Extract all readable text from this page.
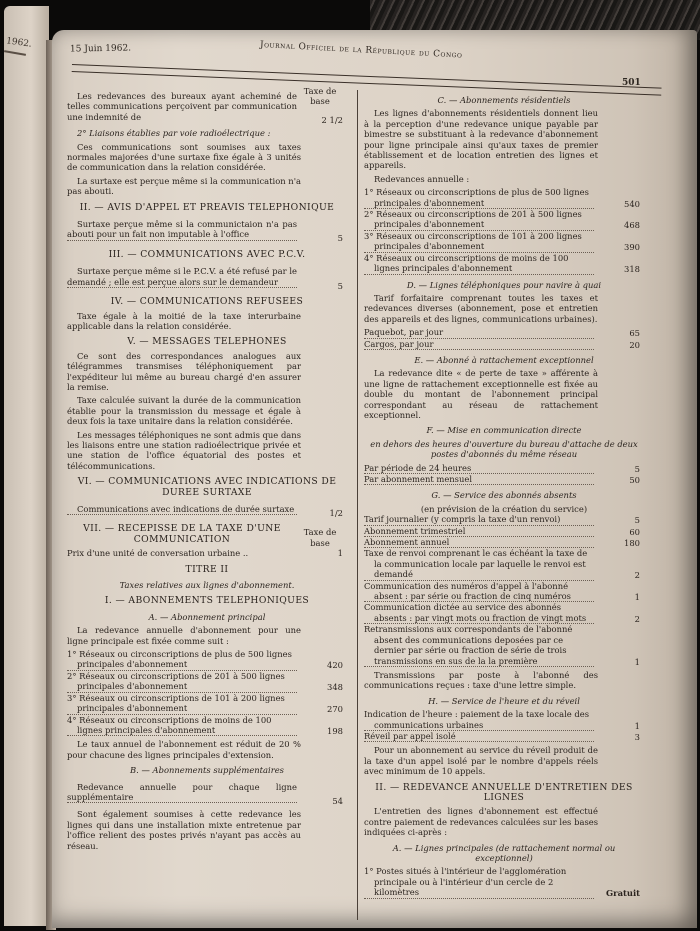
1962.	15 Juin 1962.	Journal Officiel de la République du Congo
501
Les redevances des bureaux ayant acheminé de telles communications perçoivent par communication une indemnité de
Taxe de base
2 1/2
2° Liaisons établies par voie radioélectrique :
Ces communications sont soumises aux taxes normales majorées d'une surtaxe fixe égale à 3 unités de communication dans la relation considérée.
La surtaxe est perçue même si la communication n'a pas abouti.
II. — AVIS D'APPEL ET PREAVIS TELEPHONIQUE
Surtaxe perçue même si la communictaion n'a pas abouti pour un fait non imputable à l'office	5
III. — COMMUNICATIONS AVEC P.C.V.
Surtaxe perçue même si le P.C.V. a été refusé par le demandé ; elle est perçue alors sur le demandeur	5
IV. — COMMUNICATIONS REFUSEES
Taxe égale à la moitié de la taxe interurbaine applicable dans la relation considérée.
V. — MESSAGES TELEPHONES
Ce sont des correspondances analogues aux télégrammes transmises téléphoniquement par l'expéditeur lui même au bureau chargé d'en assurer la remise.
Taxe calculée suivant la durée de la communication établie pour la transmission du message et égale à deux fois la taxe unitaire dans la relation considérée.
Les messages téléphoniques ne sont admis que dans les liaisons entre une station radioélectrique privée et une station de l'office équatorial des postes et télécommunications.
VI. — COMMUNICATIONS AVEC INDICATIONS DE DUREE SURTAXE
Communications avec indications de durée surtaxe	1/2
VII. — RECEPISSE DE LA TAXE D'UNE COMMUNICATION
Taxe de base
Prix d'une unité de conversation urbaine ..	1
TITRE II
Taxes relatives aux lignes d'abonnement.
I. — ABONNEMENTS TELEPHONIQUES
A. — Abonnement principal
La redevance annuelle d'abonnement pour une ligne principale est fixée comme suit :
1° Réseaux ou circonscriptions de plus de 500 lignes principales d'abonnement	420
2° Réseaux ou circonscriptions de 201 à 500 lignes principales d'abonnement	348
3° Réseaux ou circonscriptions de 101 à 200 lignes principales d'abonnement	270
4° Réseaux ou circonscriptions de moins de 100 lignes principales d'abonnement	198
Le taux annuel de l'abonnement est réduit de 20 % pour chacune des lignes principales d'extension.
B. — Abonnements supplémentaires
Redevance annuelle pour chaque ligne supplémentaire	54
Sont également soumises à cette redevance les lignes qui dans une installation mixte entretenue par l'office relient des postes privés n'ayant pas accès au réseau.
C. — Abonnements résidentiels
Les lignes d'abonnements résidentiels donnent lieu à la perception d'une redevance unique payable par bimestre se substituant à la redevance d'abonnement pour ligne principale ainsi qu'aux taxes de premier établissement et de location entretien des lignes et appareils.
Redevances annuelle :
1° Réseaux ou circonscriptions de plus de 500 lignes principales d'abonnement	540
2° Réseaux ou circonscriptions de 201 à 500 lignes principales d'abonnement	468
3° Réseaux ou circonscriptions de 101 à 200 lignes principales d'abonnement	390
4° Réseaux ou circonscriptions de moins de 100 lignes principales d'abonnement	318
D. — Lignes téléphoniques pour navire à quai
Tarif forfaitaire comprenant toutes les taxes et redevances diverses (abonnement, pose et entretien des appareils et des lignes, communications urbaines).
Paquebot, par jour	65
Cargos, par jour	20
E. — Abonné à rattachement exceptionnel
La redevance dite « de perte de taxe » afférente à une ligne de rattachement exceptionnelle est fixée au double du montant de l'abonnement principal correspondant au réseau de rattachement exceptionnel.
F. — Mise en communication directe
en dehors des heures d'ouverture du bureau d'attache de deux postes d'abonnés du même réseau
Par période de 24 heures	5
Par abonnement mensuel	50
G. — Service des abonnés absents
(en prévision de la création du service)
Tarif journalier (y compris la taxe d'un renvoi)	5
Abonnement trimestriel	60
Abonnement annuel	180
Taxe de renvoi comprenant le cas échéant la taxe de la communication locale par laquelle le renvoi est demandé	2
Communication des numéros d'appel à l'abonné absent : par série ou fraction de cinq numéros	1
Communication dictée au service des abonnés absents : par vingt mots ou fraction de vingt mots	2
Retransmissions aux correspondants de l'abonné absent des communications deposées par ce dernier par série ou fraction de série de trois transmissions en sus de la la première	1
Transmissions par poste à l'abonné des communications reçues : taxe d'une lettre simple.
H. — Service de l'heure et du réveil
Indication de l'heure : paiement de la taxe locale des communications urbaines	1
Réveil par appel isolé	3
Pour un abonnement au service du réveil produit de la taxe d'un appel isolé par le nombre d'appels réels avec minimum de 10 appels.
II. — REDEVANCE ANNUELLE D'ENTRETIEN DES LIGNES
L'entretien des lignes d'abonnement est effectué contre paiement de redevances calculées sur les bases indiquées ci-après :
A. — Lignes principales (de rattachement normal ou exceptionnel)
1° Postes situés à l'intérieur de l'agglomération principale ou à l'intérieur d'un cercle de 2 kilomètres	Gratuit
